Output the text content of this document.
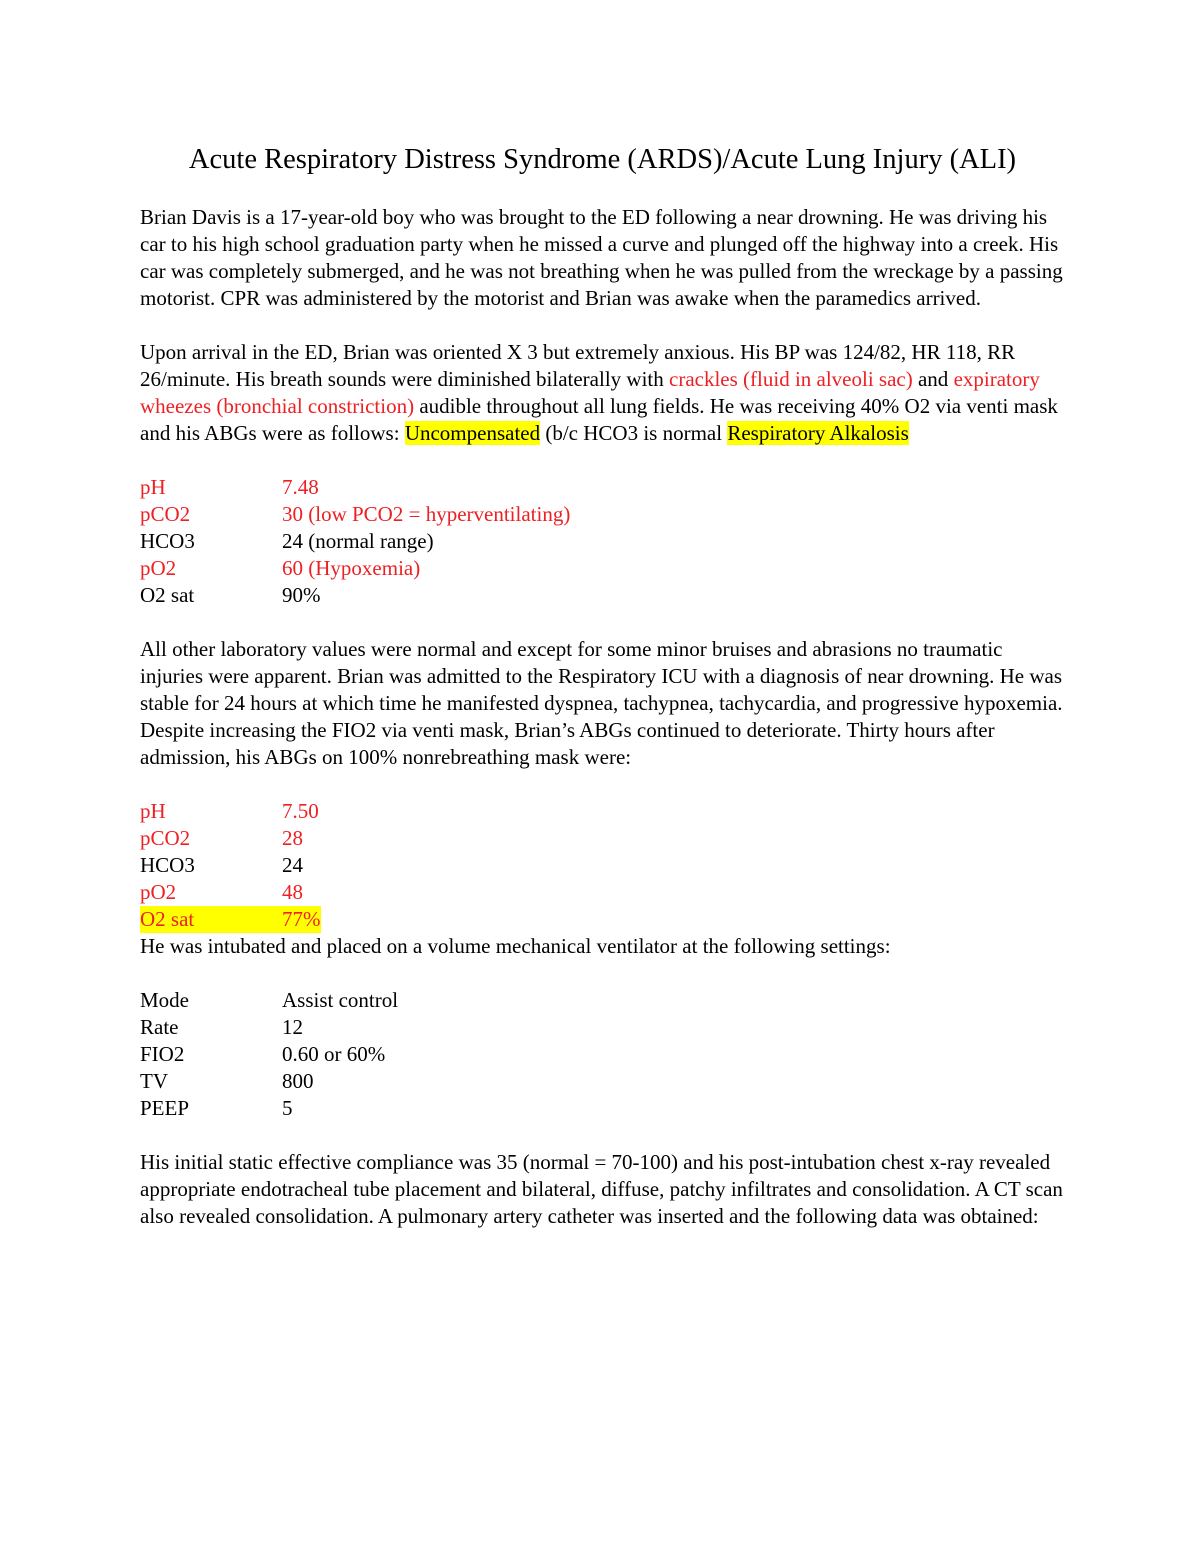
Acute Respiratory Distress Syndrome (ARDS)/Acute Lung Injury (ALI)

Brian Davis is a 17-year-old boy who was brought to the ED following a near drowning. He was driving his car to his high school graduation party when he missed a curve and plunged off the highway into a creek. His car was completely submerged, and he was not breathing when he was pulled from the wreckage by a passing motorist. CPR was administered by the motorist and Brian was awake when the paramedics arrived.

Upon arrival in the ED, Brian was oriented X 3 but extremely anxious. His BP was 124/82, HR 118, RR 26/minute. His breath sounds were diminished bilaterally with crackles (fluid in alveoli sac) and expiratory wheezes (bronchial constriction) audible throughout all lung fields. He was receiving 40% O2 via venti mask and his ABGs were as follows: Uncompensated (b/c HCO3 is normal Respiratory Alkalosis

pH	7.48
pCO2	30 (low PCO2 = hyperventilating)
HCO3	24 (normal range)
pO2	60 (Hypoxemia)
O2 sat	90%

All other laboratory values were normal and except for some minor bruises and abrasions no traumatic injuries were apparent. Brian was admitted to the Respiratory ICU with a diagnosis of near drowning. He was stable for 24 hours at which time he manifested dyspnea, tachypnea, tachycardia, and progressive hypoxemia. Despite increasing the FIO2 via venti mask, Brian’s ABGs continued to deteriorate. Thirty hours after admission, his ABGs on 100% nonrebreathing mask were:

pH	7.50
pCO2	28
HCO3	24
pO2	48
O2 sat	77%

He was intubated and placed on a volume mechanical ventilator at the following settings:

Mode	Assist control
Rate	12
FIO2	0.60 or 60%
TV	800
PEEP	5

His initial static effective compliance was 35 (normal = 70-100) and his post-intubation chest x-ray revealed appropriate endotracheal tube placement and bilateral, diffuse, patchy infiltrates and consolidation. A CT scan also revealed consolidation. A pulmonary artery catheter was inserted and the following data was obtained:
